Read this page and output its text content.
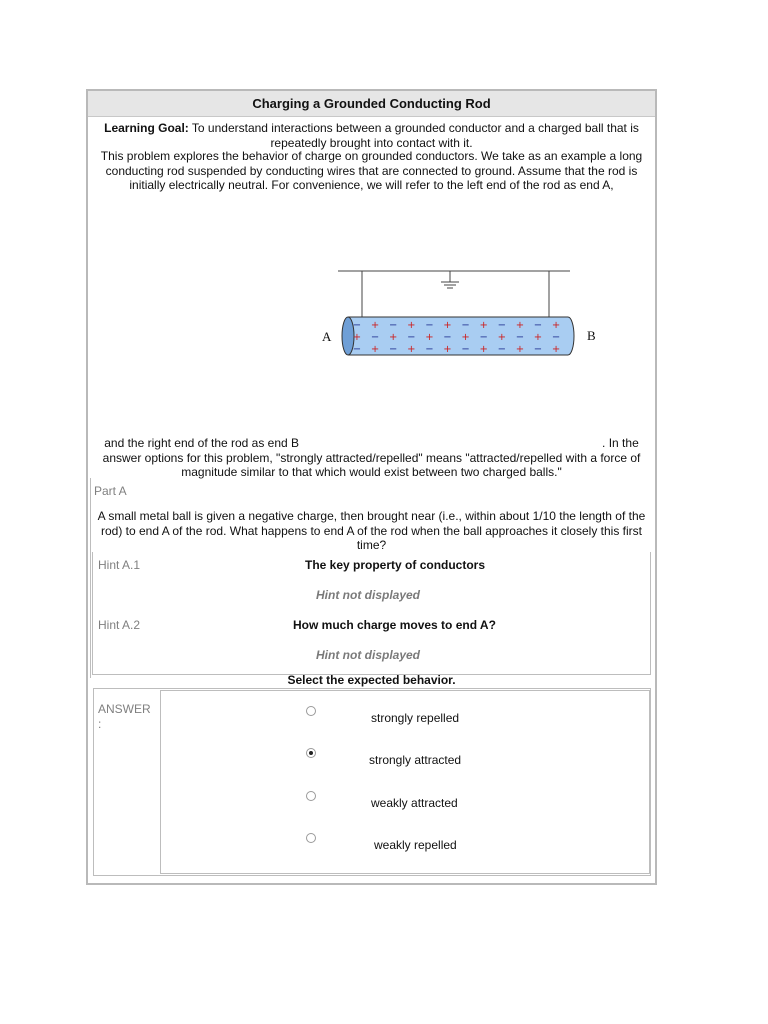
Charging a Grounded Conducting Rod
Learning Goal: To understand interactions between a grounded conductor and a charged ball that is repeatedly brought into contact with it.
This problem explores the behavior of charge on grounded conductors. We take as an example a long conducting rod suspended by conducting wires that are connected to ground. Assume that the rod is initially electrically neutral. For convenience, we will refer to the left end of the rod as end A,
A	B
− + − + − + − + − + − +
+ − + − + − + − + − + −
− + − + − + − + − + − +
and the right end of the rod as end B	. In the answer options for this problem, "strongly attracted/repelled" means "attracted/repelled with a force of magnitude similar to that which would exist between two charged balls."
Part A
A small metal ball is given a negative charge, then brought near (i.e., within about 1/10 the length of the rod) to end A of the rod. What happens to end A of the rod when the ball approaches it closely this first time?
Hint A.1	The key property of conductors
Hint not displayed
Hint A.2	How much charge moves to end A?
Hint not displayed
Select the expected behavior.
ANSWER
:	strongly repelled
strongly attracted
weakly attracted
weakly repelled
